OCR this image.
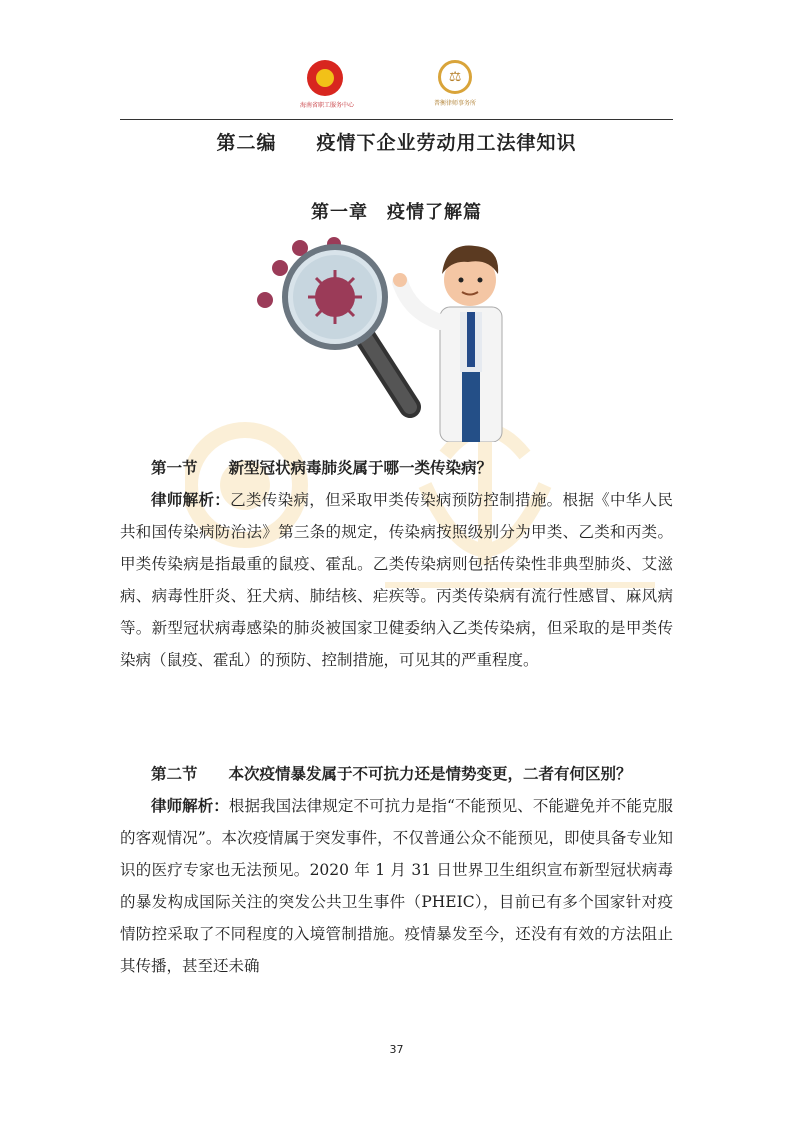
海南省职工服务中心
⚖
普衡律师事务所
第二编　　疫情下企业劳动用工法律知识
第一章　疫情了解篇
第一节　　新型冠状病毒肺炎属于哪一类传染病？
律师解析：乙类传染病，但采取甲类传染病预防控制措施。根据《中华人民共和国传染病防治法》第三条的规定，传染病按照级别分为甲类、乙类和丙类。甲类传染病是指最重的鼠疫、霍乱。乙类传染病则包括传染性非典型肺炎、艾滋病、病毒性肝炎、狂犬病、肺结核、疟疾等。丙类传染病有流行性感冒、麻风病等。新型冠状病毒感染的肺炎被国家卫健委纳入乙类传染病，但采取的是甲类传染病（鼠疫、霍乱）的预防、控制措施，可见其的严重程度。
第二节　　本次疫情暴发属于不可抗力还是情势变更，二者有何区别？
律师解析：根据我国法律规定不可抗力是指“不能预见、不能避免并不能克服的客观情况”。本次疫情属于突发事件，不仅普通公众不能预见，即使具备专业知识的医疗专家也无法预见。2020 年 1 月 31 日世界卫生组织宣布新型冠状病毒的暴发构成国际关注的突发公共卫生事件（PHEIC），目前已有多个国家针对疫情防控采取了不同程度的入境管制措施。疫情暴发至今，还没有有效的方法阻止其传播，甚至还未确
37
